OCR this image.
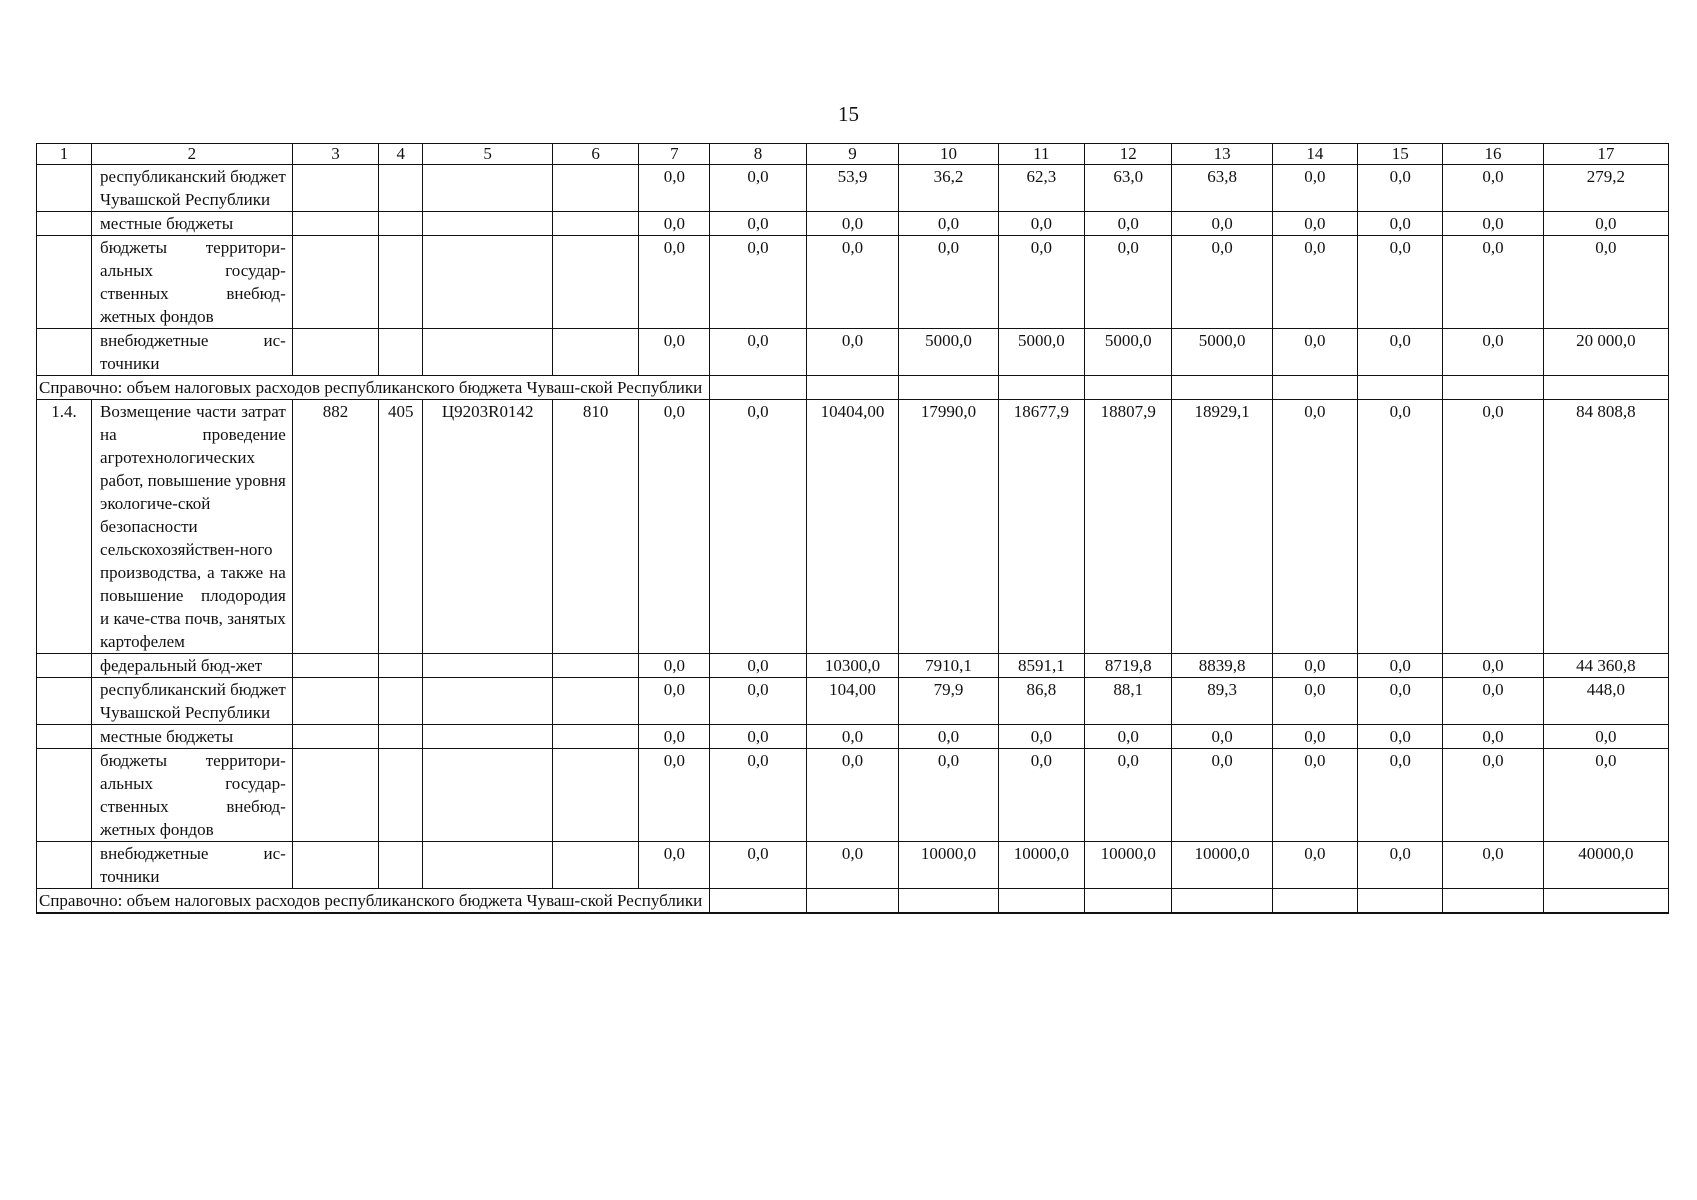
15
1	2	3	4	5	6	7	8	9	10	11	12	13	14	15	16	17
	республиканский бюджет Чувашской Республики					0,0	0,0	53,9	36,2	62,3	63,0	63,8	0,0	0,0	0,0	279,2
	местные бюджеты					0,0	0,0	0,0	0,0	0,0	0,0	0,0	0,0	0,0	0,0	0,0
	бюджеты территори-альных государ-ственных внебюд-жетных фондов					0,0	0,0	0,0	0,0	0,0	0,0	0,0	0,0	0,0	0,0	0,0
	внебюджетные ис-точники					0,0	0,0	0,0	5000,0	5000,0	5000,0	5000,0	0,0	0,0	0,0	20 000,0
Справочно: объем налоговых расходов республиканского бюджета Чуваш-ской Республики																
1.4.	Возмещение части затрат на проведение агротехнологических работ, повышение уровня экологиче-ской безопасности сельскохозяйствен-ного производства, а также на повышение плодородия и каче-ства почв, занятых картофелем	882	405	Ц9203R0142	810	0,0	0,0	10404,00	17990,0	18677,9	18807,9	18929,1	0,0	0,0	0,0	84 808,8
	федеральный бюд-жет					0,0	0,0	10300,0	7910,1	8591,1	8719,8	8839,8	0,0	0,0	0,0	44 360,8
	республиканский бюджет Чувашской Республики					0,0	0,0	104,00	79,9	86,8	88,1	89,3	0,0	0,0	0,0	448,0
	местные бюджеты					0,0	0,0	0,0	0,0	0,0	0,0	0,0	0,0	0,0	0,0	0,0
	бюджеты территори-альных государ-ственных внебюд-жетных фондов					0,0	0,0	0,0	0,0	0,0	0,0	0,0	0,0	0,0	0,0	0,0
	внебюджетные ис-точники					0,0	0,0	0,0	10000,0	10000,0	10000,0	10000,0	0,0	0,0	0,0	40000,0
Справочно: объем налоговых расходов республиканского бюджета Чуваш-ской Республики																
